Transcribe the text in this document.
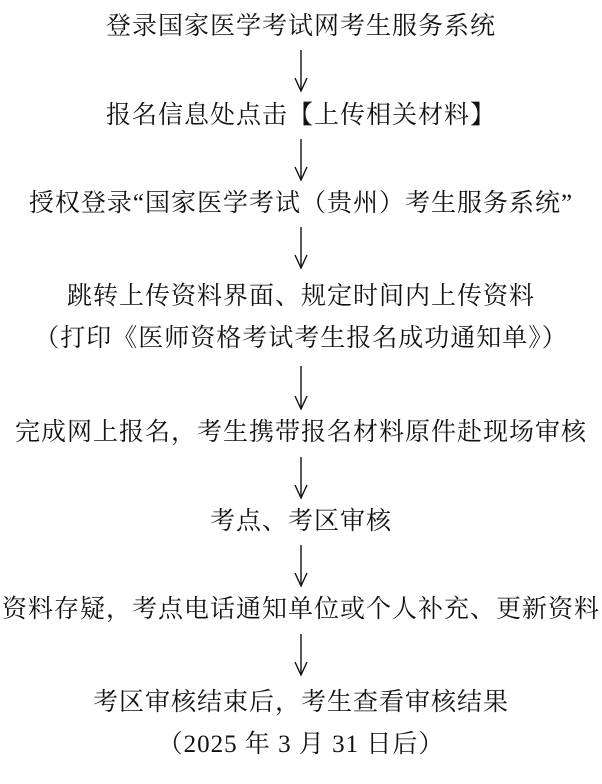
登录国家医学考试网考生服务系统
报名信息处点击【上传相关材料】
授权登录“国家医学考试（贵州）考生服务系统”
跳转上传资料界面、规定时间内上传资料
（打印《医师资格考试考生报名成功通知单》）
完成网上报名，考生携带报名材料原件赴现场审核
考点、考区审核
资料存疑，考点电话通知单位或个人补充、更新资料
考区审核结束后，考生查看审核结果
（2025 年 3 月 31 日后）
